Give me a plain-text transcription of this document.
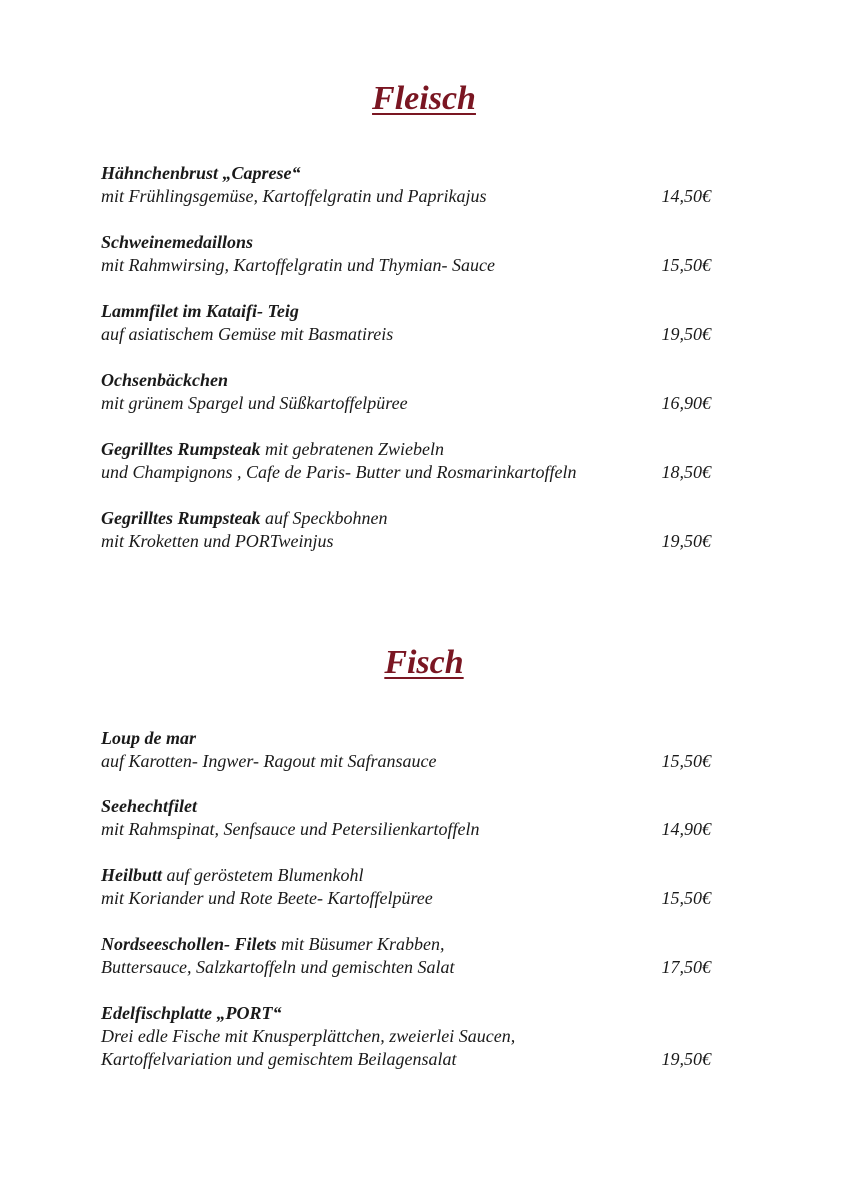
Fleisch
Hähnchenbrust „Caprese“
mit Frühlingsgemüse, Kartoffelgratin und Paprikajus	14,50€
Schweinemedaillons
mit Rahmwirsing, Kartoffelgratin und Thymian- Sauce	15,50€
Lammfilet im Kataifi- Teig
auf asiatischem Gemüse mit Basmatireis	19,50€
Ochsenbäckchen
mit grünem Spargel und Süßkartoffelpüree	16,90€
Gegrilltes Rumpsteak mit gebratenen Zwiebeln
und Champignons , Cafe de Paris- Butter und Rosmarinkartoffeln	18,50€
Gegrilltes Rumpsteak auf Speckbohnen
mit Kroketten und PORTweinjus	19,50€
Fisch
Loup de mar
auf Karotten- Ingwer- Ragout mit Safransauce	15,50€
Seehechtfilet
mit Rahmspinat, Senfsauce und Petersilienkartoffeln	14,90€
Heilbutt auf geröstetem Blumenkohl
mit Koriander und Rote Beete- Kartoffelpüree	15,50€
Nordseeschollen- Filets mit Büsumer Krabben,
Buttersauce, Salzkartoffeln und gemischten Salat	17,50€
Edelfischplatte „PORT“
Drei edle Fische mit Knusperplättchen, zweierlei Saucen,
Kartoffelvariation und gemischtem Beilagensalat	19,50€
